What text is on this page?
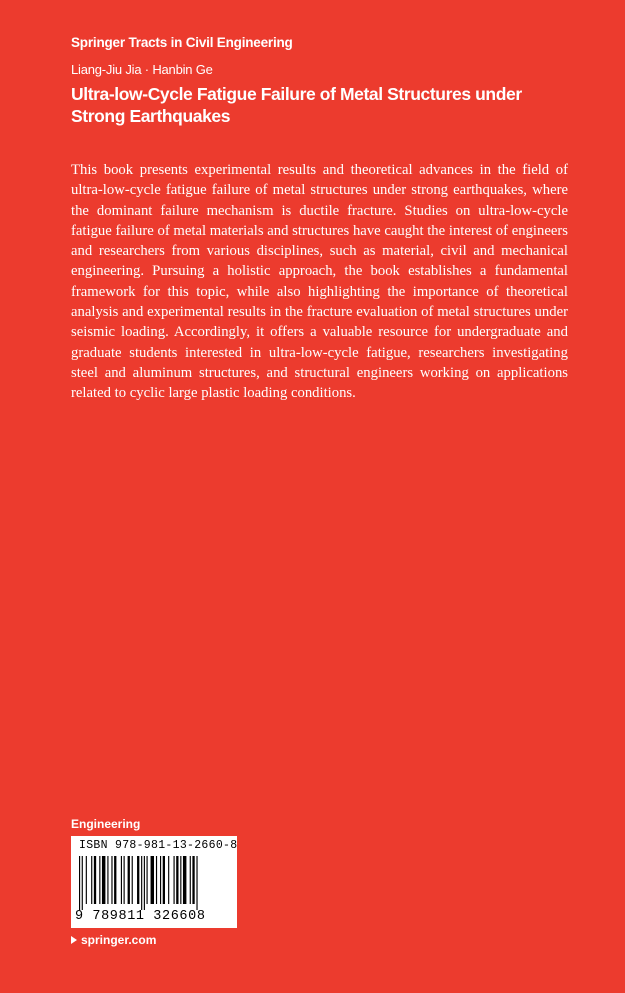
Springer Tracts in Civil Engineering
Liang-Jiu Jia · Hanbin Ge
Ultra-low-Cycle Fatigue Failure of Metal Structures under Strong Earthquakes

This book presents experimental results and theoretical advances in the field of ultra-low-cycle fatigue failure of metal structures under strong earthquakes, where the dominant failure mechanism is ductile fracture. Studies on ultra-low-cycle fatigue failure of metal materials and structures have caught the interest of engineers and researchers from various disciplines, such as material, civil and mechanical engineering. Pursuing a holistic approach, the book establishes a fundamental framework for this topic, while also highlighting the importance of theoretical analysis and experimental results in the fracture evaluation of metal structures under seismic loading. Accordingly, it offers a valuable resource for undergraduate and graduate students interested in ultra-low-cycle fatigue, researchers investigating steel and aluminum structures, and structural engineers working on applications related to cyclic large plastic loading conditions.

Engineering
ISBN 978-981-13-2660-8
9 789811 326608
springer.com
